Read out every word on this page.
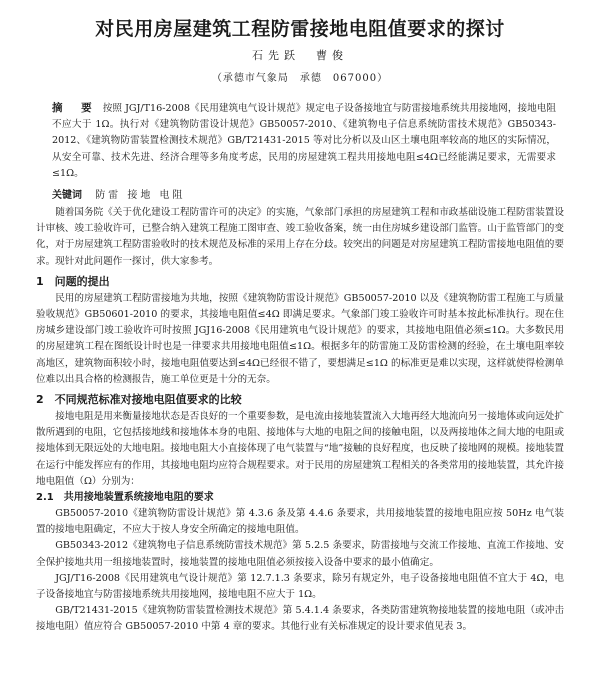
对民用房屋建筑工程防雷接地电阻值要求的探讨
石先跃　曹俊
（承德市气象局　承德　067000）
摘　要 按照 JGJ/T16-2008《民用建筑电气设计规范》规定电子设备接地宜与防雷接地系统共用接地网，接地电阻不应大于 1Ω。执行对《建筑物防雷设计规范》GB50057-2010、《建筑物电子信息系统防雷技术规范》GB50343-2012、《建筑物防雷装置检测技术规范》GB/T21431-2015 等对比分析以及山区土壤电阻率较高的地区的实际情况，从安全可靠、技术先进、经济合理等多角度考虑，民用的房屋建筑工程共用接地电阻≤4Ω已经能满足要求，无需要求≤1Ω。
关键词 防雷 接地 电阻

随着国务院《关于优化建设工程防雷许可的决定》的实施，气象部门承担的房屋建筑工程和市政基础设施工程防雷装置设计审核、竣工验收许可，已整合纳入建筑工程施工图审查、竣工验收备案，统一由住房城乡建设部门监管。山于监管部门的变化，对于房屋建筑工程防雷验收时的技术规范及标准的采用上存在分歧。较突出的问题是对房屋建筑工程防雷接地电阻值的要求。现针对此问题作一探讨，供大家参考。

1　问题的提出

民用的房屋建筑工程防雷接地为共地，按照《建筑物防雷设计规范》GB50057-2010 以及《建筑物防雷工程施工与质量验收规范》GB50601-2010 的要求，其接地电阻值≤4Ω 即满足要求。气象部门竣工验收许可时基本按此标准执行。现在住房城乡建设部门竣工验收许可时按照 JGJ16-2008《民用建筑电气设计规范》的要求，其接地电阻值必须≤1Ω。大多数民用的房屋建筑工程在图纸设计时也是一律要求共用接地电阻值≤1Ω。根据多年的防雷施工及防雷检测的经验，在土壤电阻率较高地区，建筑物面积较小时，接地电阻值要达到≤4Ω已经很不错了，要想满足≤1Ω 的标准更是难以实现，这样就使得检测单位难以出具合格的检测报告，施工单位更是十分的无奈。

2　不同规范标准对接地电阻值要求的比较

接地电阻是用来衡量接地状态是否良好的一个重要参数，是电流由接地装置流入大地再经大地流向另一接地体或向远处扩散所遇到的电阻，它包括接地线和接地体本身的电阻、接地体与大地的电阻之间的接触电阻，以及两接地体之间大地的电阻或接地体到无限远处的大地电阻。接地电阻大小直接体现了电气装置与“地”接触的良好程度，也反映了接地网的规模。接地装置在运行中能发挥应有的作用，其接地电阻均应符合规程要求。对于民用的房屋建筑工程相关的各类常用的接地装置，其允许接地电阻值（Ω）分别为：

2.1　共用接地装置系统接地电阻的要求

GB50057-2010《建筑物防雷设计规范》第 4.3.6 条及第 4.4.6 条要求，共用接地装置的接地电阻应按 50Hz 电气装置的接地电阻确定，不应大于按人身安全所确定的接地电阻值。

GB50343-2012《建筑物电子信息系统防雷技术规范》第 5.2.5 条要求，防雷接地与交流工作接地、直流工作接地、安全保护接地共用一组接地装置时，接地装置的接地电阻值必须按接入设备中要求的最小值确定。

JGJ/T16-2008《民用建筑电气设计规范》第 12.7.1.3 条要求，除另有规定外，电子设备接地电阻值不宜大于 4Ω，电子设备接地宜与防雷接地系统共用接地网，接地电阻不应大于 1Ω。

GB/T21431-2015《建筑物防雷装置检测技术规范》第 5.4.1.4 条要求，各类防雷建筑物接地装置的接地电阻（或冲击接地电阻）值应符合 GB50057-2010 中第 4 章的要求。其他行业有关标准规定的设计要求值见表 3。
